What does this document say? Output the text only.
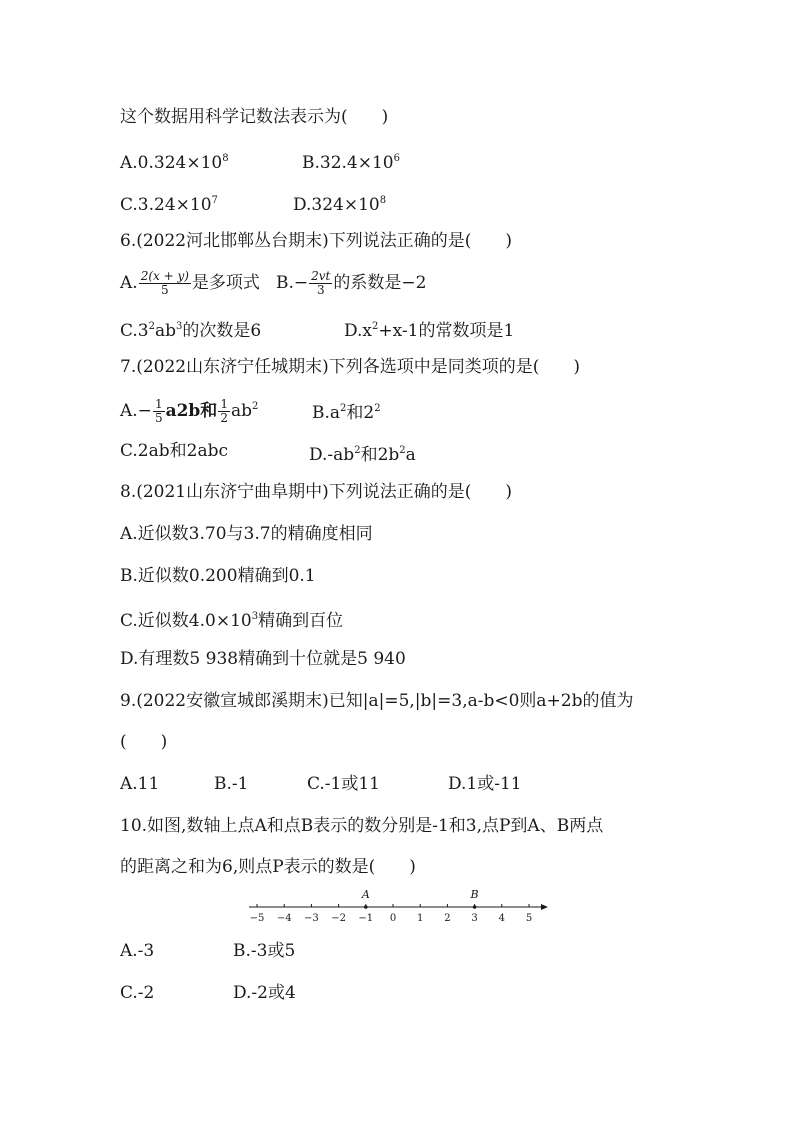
这个数据用科学记数法表示为(　　)
$A.0.324\times 10^8$	$B.32.4\times 10^6$
$C.3.24\times 10^7$	$D.324\times 10^8$
6.(2022河北邯郸丛台期末)下列说法正确的是(　　)
A. $\frac{2(x + y)}{5}$ 是多项式 $B.- \frac{2vt}{3}$ 的系数是−2
$C.3^2ab^3$的次数是6	$D.x^2+x-1$的常数项是1
7.(2022山东济宁任城期末)下列各选项中是同类项的是(　　)
$A.- \frac{1}{5} a2b$和 $\frac{1}{2} ab^2$	$B.a^2$和$2^2$
C.2ab和2abc	$D.-ab^2$和$2b^2a$
8.(2021山东济宁曲阜期中)下列说法正确的是(　　)
A.近似数3.70与3.7的精确度相同
B.近似数0.200精确到0.1
C.近似数$4.0\times 10^3$精确到百位
D.有理数5 938精确到十位就是5 940
9.(2022安徽宣城郎溪期末)已知|a|=5,|b|=3,a-b<0则a+2b的值为
(　　)
A.11	B.-1	C.-1或11	D.1或-11
10.如图,数轴上点A和点B表示的数分别是-1和3,点P到A、B两点
的距离之和为6,则点P表示的数是(　　)
−5 −4 −3 −2 −1 0 1 2 3 4 5
A	B
A.-3	B.-3或5
C.-2	D.-2或4
